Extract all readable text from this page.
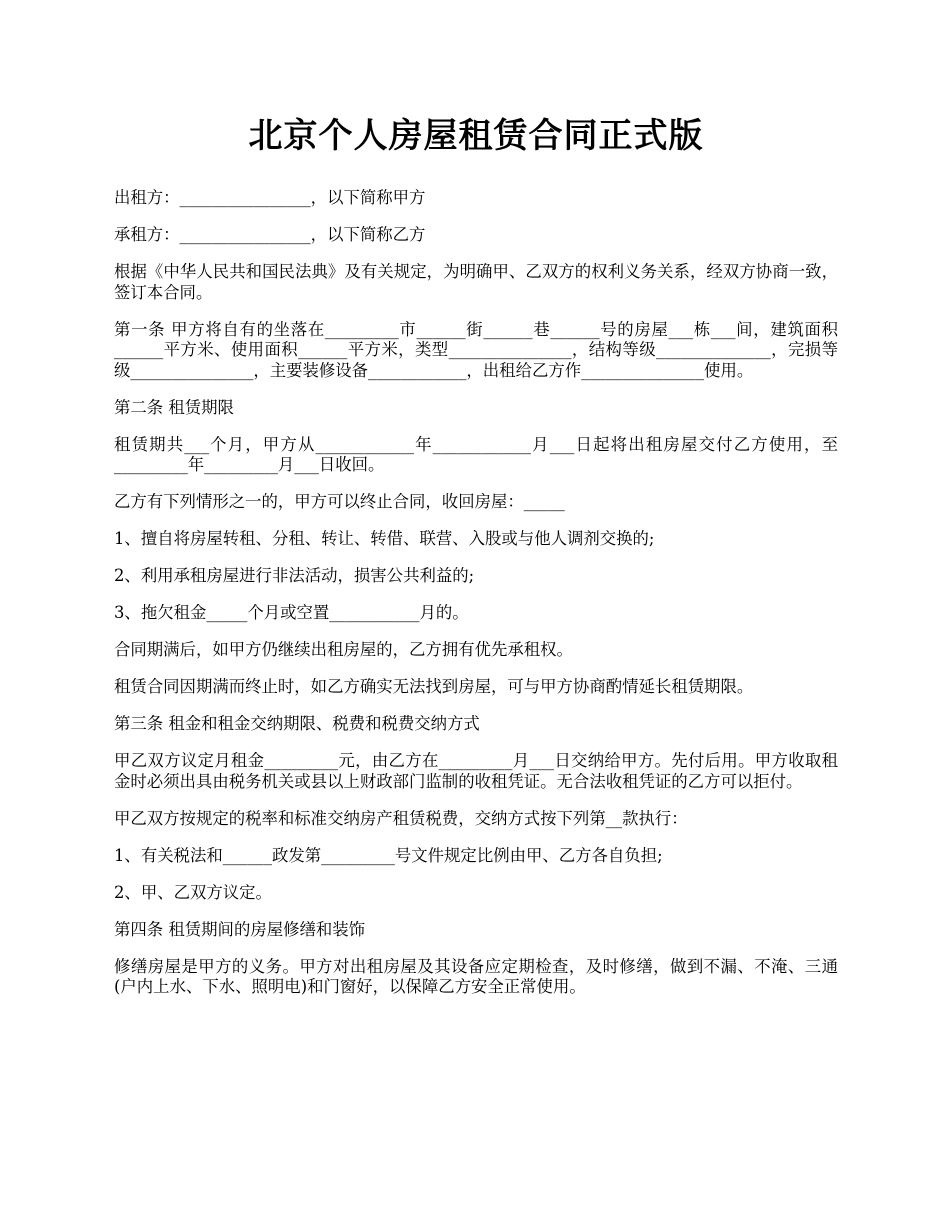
北京个人房屋租赁合同正式版

出租方：________________，以下简称甲方

承租方：________________，以下简称乙方

根据《中华人民共和国民法典》及有关规定，为明确甲、乙双方的权利义务关系，经双方协商一致，签订本合同。

第一条 甲方将自有的坐落在_________市______街______巷______号的房屋___栋___间，建筑面积______平方米、使用面积______平方米，类型_______________，结构等级______________，完损等级_______________，主要装修设备____________，出租给乙方作_______________使用。

第二条 租赁期限

租赁期共___个月，甲方从____________年____________月___日起将出租房屋交付乙方使用，至_________年_________月___日收回。

乙方有下列情形之一的，甲方可以终止合同，收回房屋：_____

1、擅自将房屋转租、分租、转让、转借、联营、入股或与他人调剂交换的;

2、利用承租房屋进行非法活动，损害公共利益的;

3、拖欠租金_____个月或空置___________月的。

合同期满后，如甲方仍继续出租房屋的，乙方拥有优先承租权。

租赁合同因期满而终止时，如乙方确实无法找到房屋，可与甲方协商酌情延长租赁期限。

第三条 租金和租金交纳期限、税费和税费交纳方式

甲乙双方议定月租金_________元，由乙方在_________月___日交纳给甲方。先付后用。甲方收取租金时必须出具由税务机关或县以上财政部门监制的收租凭证。无合法收租凭证的乙方可以拒付。

甲乙双方按规定的税率和标准交纳房产租赁税费，交纳方式按下列第__款执行：

1、有关税法和______政发第_________号文件规定比例由甲、乙方各自负担;

2、甲、乙双方议定。

第四条 租赁期间的房屋修缮和装饰

修缮房屋是甲方的义务。甲方对出租房屋及其设备应定期检查，及时修缮，做到不漏、不淹、三通(户内上水、下水、照明电)和门窗好，以保障乙方安全正常使用。
